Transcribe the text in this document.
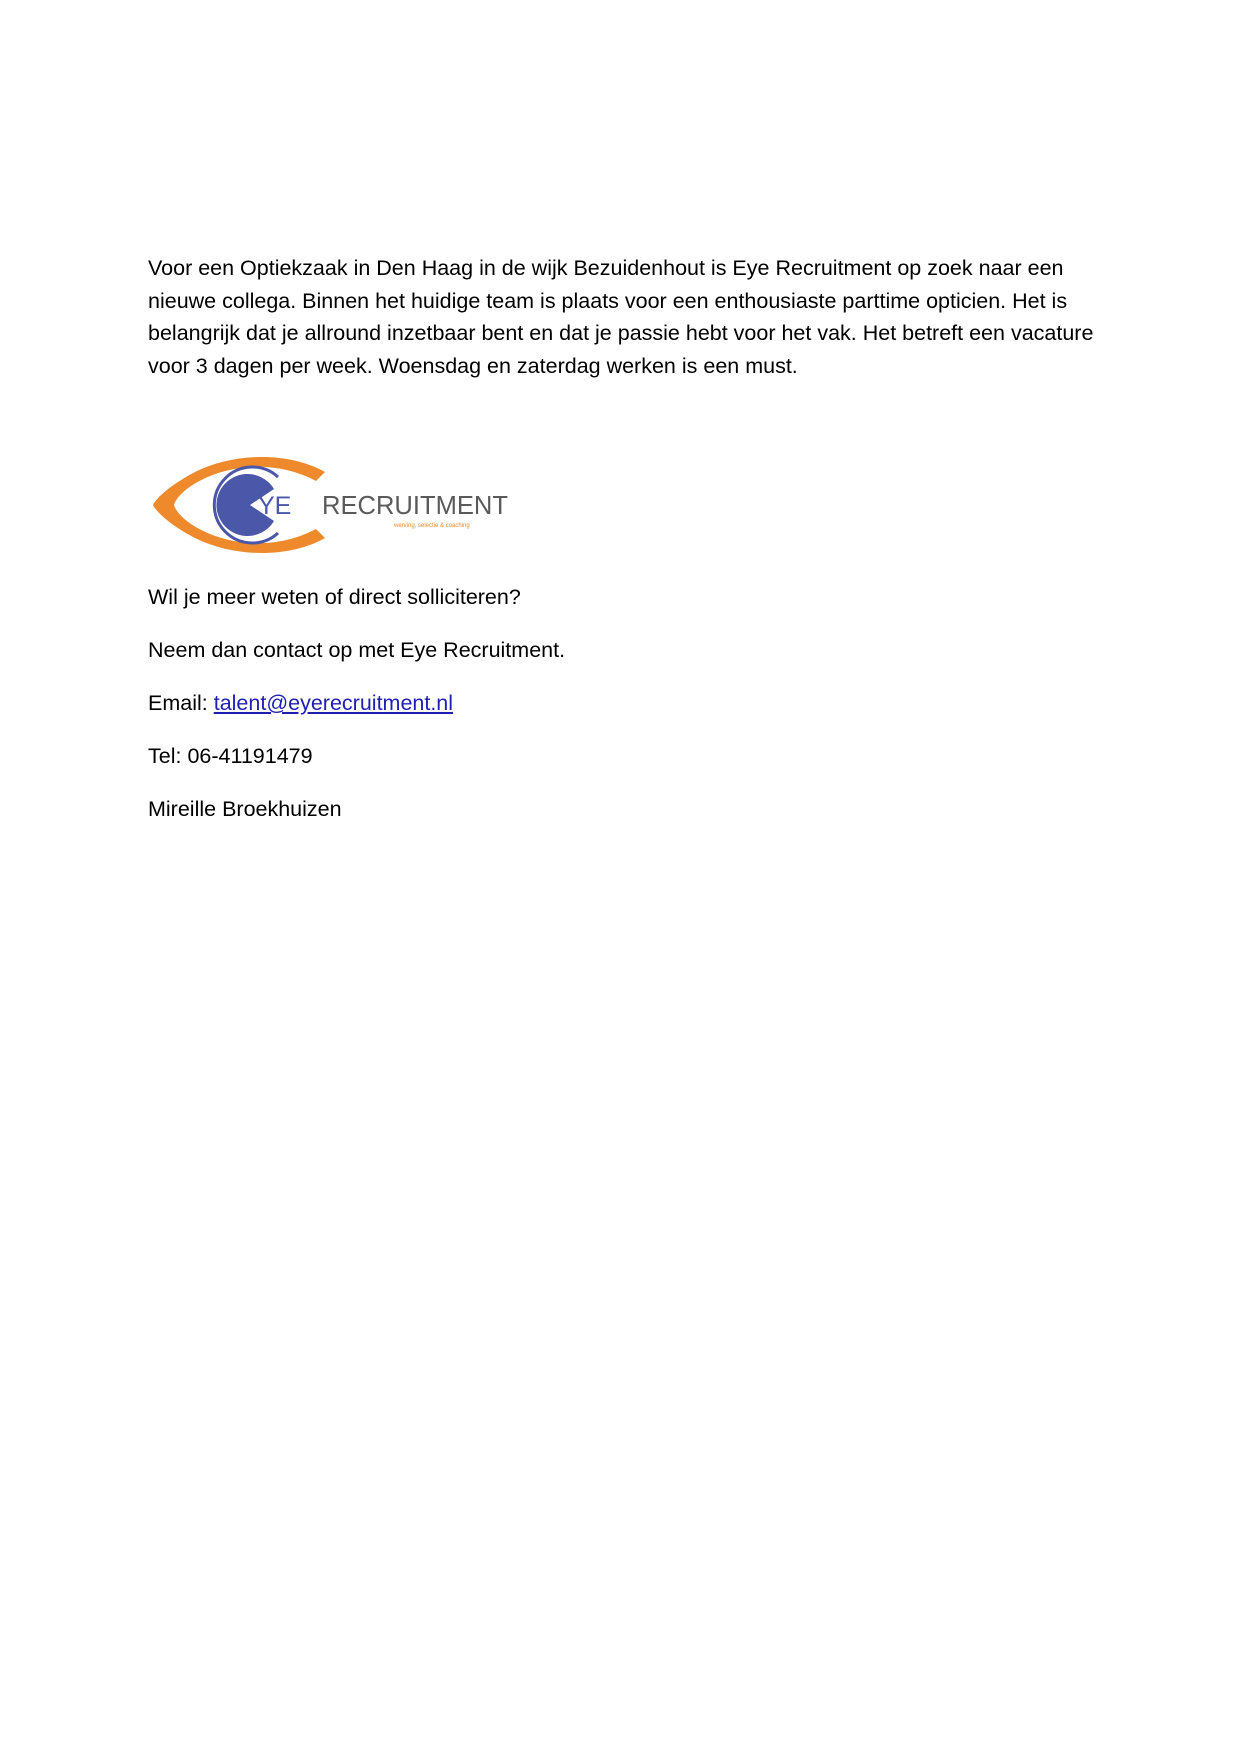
Voor een Optiekzaak in Den Haag in de wijk Bezuidenhout is Eye Recruitment op zoek naar een
nieuwe collega. Binnen het huidige team is plaats voor een enthousiaste parttime opticien. Het is
belangrijk dat je allround inzetbaar bent en dat je passie hebt voor het vak. Het betreft een vacature
voor 3 dagen per week. Woensdag en zaterdag werken is een must.

YE RECRUITMENT
werving, selectie & coaching

Wil je meer weten of direct solliciteren?

Neem dan contact op met Eye Recruitment.

Email: talent@eyerecruitment.nl

Tel: 06-41191479

Mireille Broekhuizen
